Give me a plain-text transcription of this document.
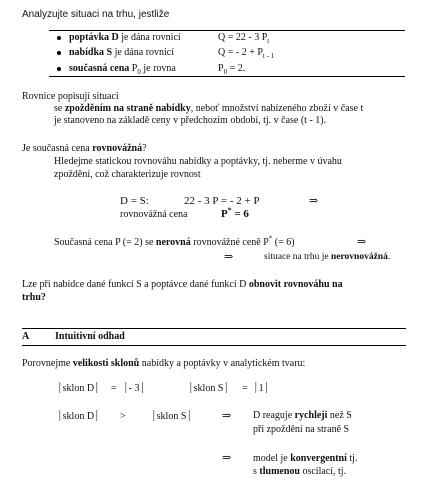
Analyzujte situaci na trhu, jestliže
poptávka D je dána rovnicí	Q = 22 - 3 $P_t$
nabídka S je dána rovnicí	Q = - $2 + P_{t - 1}$
současná cena $P_0$ je rovna	$P_0 = 2$.
Rovnice popisují situaci
se zpožděním na straně nabídky, neboť množství nabízeného zboží v čase t
je stanoveno na základě ceny v předchozím období, tj. v čase (t - 1).
Je současná cena rovnovážná?
Hledejme statickou rovnováhu nabídky a poptávky, tj. neberme v úvahu
zpoždění, což charakterizuje rovnost
D = S:	22 - 3 P = - 2 + P	⇒
rovnovážná cena	P* = 6
Současná cena P (= 2) se nerovná rovnovážné ceně P* (= 6)	⇒
⇒	situace na trhu je nerovnovážná.
Lze při nabídce dané funkcí S a poptávce dané funkcí D obnovit rovnováhu na
trhu?
A	Intuitivní odhad
Porovnejme velikosti sklonů nabídky a poptávky v analytickém tvaru:
⏐sklon D⏐ = ⏐- 3⏐	⏐sklon S⏐ = ⏐1⏐
⏐sklon D⏐ >	⏐sklon S⏐	⇒ D reaguje rychleji než S
při zpoždění na straně S
⇒ model je konvergentní tj.
s tlumenou oscilací, tj.
